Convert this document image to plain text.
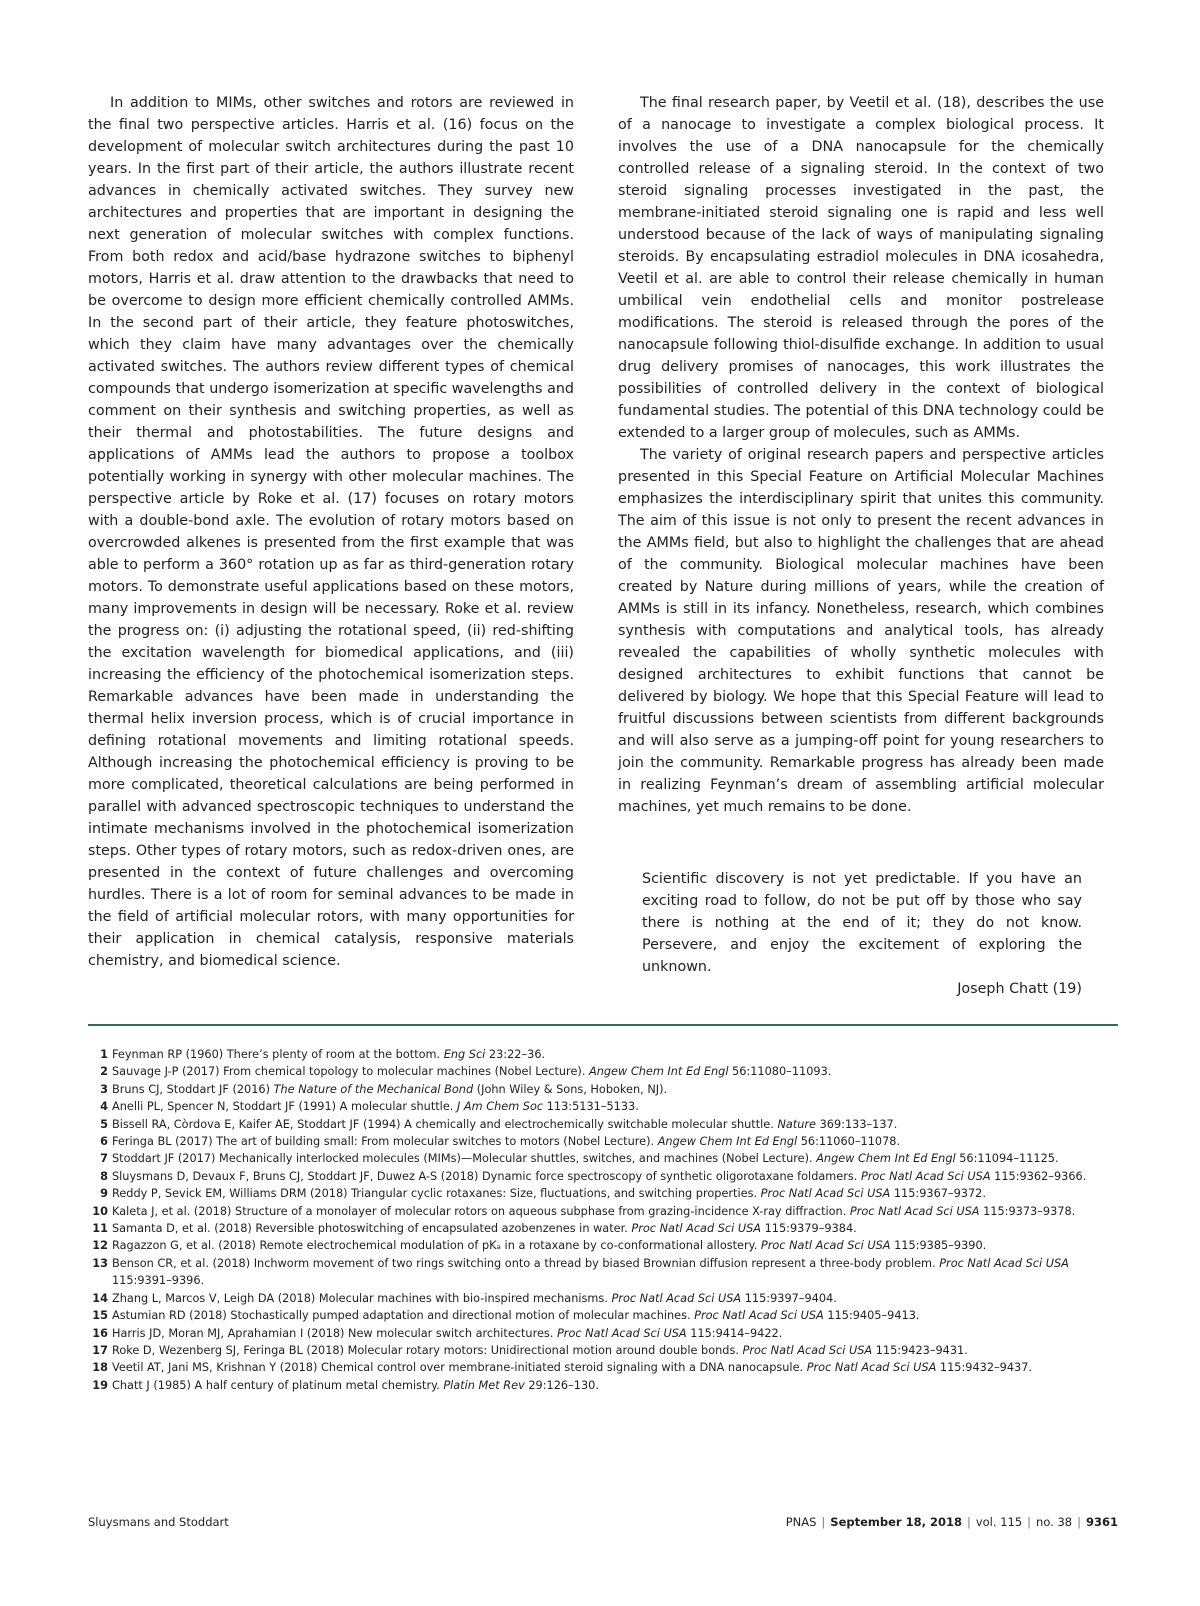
In addition to MIMs, other switches and rotors are reviewed in the final two perspective articles. Harris et al. (16) focus on the development of molecular switch architectures during the past 10 years. In the first part of their article, the authors illustrate recent advances in chemically activated switches. They survey new architectures and properties that are important in designing the next generation of molecular switches with complex functions. From both redox and acid/base hydrazone switches to biphenyl motors, Harris et al. draw attention to the drawbacks that need to be overcome to design more efficient chemically controlled AMMs. In the second part of their article, they feature photoswitches, which they claim have many advantages over the chemically activated switches. The authors review different types of chemical compounds that undergo isomerization at specific wavelengths and comment on their synthesis and switching properties, as well as their thermal and photostabilities. The future designs and applications of AMMs lead the authors to propose a toolbox potentially working in synergy with other molecular machines. The perspective article by Roke et al. (17) focuses on rotary motors with a double-bond axle. The evolution of rotary motors based on overcrowded alkenes is presented from the first example that was able to perform a 360° rotation up as far as third-generation rotary motors. To demonstrate useful applications based on these motors, many improvements in design will be necessary. Roke et al. review the progress on: (i) adjusting the rotational speed, (ii) red-shifting the excitation wavelength for biomedical applications, and (iii) increasing the efficiency of the photochemical isomerization steps. Remarkable advances have been made in understanding the thermal helix inversion process, which is of crucial importance in defining rotational movements and limiting rotational speeds. Although increasing the photochemical efficiency is proving to be more complicated, theoretical calculations are being performed in parallel with advanced spectroscopic techniques to understand the intimate mechanisms involved in the photochemical isomerization steps. Other types of rotary motors, such as redox-driven ones, are presented in the context of future challenges and overcoming hurdles. There is a lot of room for seminal advances to be made in the field of artificial molecular rotors, with many opportunities for their application in chemical catalysis, responsive materials chemistry, and biomedical science.

The final research paper, by Veetil et al. (18), describes the use of a nanocage to investigate a complex biological process. It involves the use of a DNA nanocapsule for the chemically controlled release of a signaling steroid. In the context of two steroid signaling processes investigated in the past, the membrane-initiated steroid signaling one is rapid and less well understood because of the lack of ways of manipulating signaling steroids. By encapsulating estradiol molecules in DNA icosahedra, Veetil et al. are able to control their release chemically in human umbilical vein endothelial cells and monitor postrelease modifications. The steroid is released through the pores of the nanocapsule following thiol-disulfide exchange. In addition to usual drug delivery promises of nanocages, this work illustrates the possibilities of controlled delivery in the context of biological fundamental studies. The potential of this DNA technology could be extended to a larger group of molecules, such as AMMs.

The variety of original research papers and perspective articles presented in this Special Feature on Artificial Molecular Machines emphasizes the interdisciplinary spirit that unites this community. The aim of this issue is not only to present the recent advances in the AMMs field, but also to highlight the challenges that are ahead of the community. Biological molecular machines have been created by Nature during millions of years, while the creation of AMMs is still in its infancy. Nonetheless, research, which combines synthesis with computations and analytical tools, has already revealed the capabilities of wholly synthetic molecules with designed architectures to exhibit functions that cannot be delivered by biology. We hope that this Special Feature will lead to fruitful discussions between scientists from different backgrounds and will also serve as a jumping-off point for young researchers to join the community. Remarkable progress has already been made in realizing Feynman’s dream of assembling artificial molecular machines, yet much remains to be done.

Scientific discovery is not yet predictable. If you have an exciting road to follow, do not be put off by those who say there is nothing at the end of it; they do not know. Persevere, and enjoy the excitement of exploring the unknown.
Joseph Chatt (19)
1 Feynman RP (1960) There’s plenty of room at the bottom. Eng Sci 23:22–36.
2 Sauvage J-P (2017) From chemical topology to molecular machines (Nobel Lecture). Angew Chem Int Ed Engl 56:11080–11093.
3 Bruns CJ, Stoddart JF (2016) The Nature of the Mechanical Bond (John Wiley & Sons, Hoboken, NJ).
4 Anelli PL, Spencer N, Stoddart JF (1991) A molecular shuttle. J Am Chem Soc 113:5131–5133.
5 Bissell RA, Còrdova E, Kaifer AE, Stoddart JF (1994) A chemically and electrochemically switchable molecular shuttle. Nature 369:133–137.
6 Feringa BL (2017) The art of building small: From molecular switches to motors (Nobel Lecture). Angew Chem Int Ed Engl 56:11060–11078.
7 Stoddart JF (2017) Mechanically interlocked molecules (MIMs)—Molecular shuttles, switches, and machines (Nobel Lecture). Angew Chem Int Ed Engl 56:11094–11125.
8 Sluysmans D, Devaux F, Bruns CJ, Stoddart JF, Duwez A-S (2018) Dynamic force spectroscopy of synthetic oligorotaxane foldamers. Proc Natl Acad Sci USA 115:9362–9366.
9 Reddy P, Sevick EM, Williams DRM (2018) Triangular cyclic rotaxanes: Size, fluctuations, and switching properties. Proc Natl Acad Sci USA 115:9367–9372.
10 Kaleta J, et al. (2018) Structure of a monolayer of molecular rotors on aqueous subphase from grazing-incidence X-ray diffraction. Proc Natl Acad Sci USA 115:9373–9378.
11 Samanta D, et al. (2018) Reversible photoswitching of encapsulated azobenzenes in water. Proc Natl Acad Sci USA 115:9379–9384.
12 Ragazzon G, et al. (2018) Remote electrochemical modulation of pKₐ in a rotaxane by co-conformational allostery. Proc Natl Acad Sci USA 115:9385–9390.
13 Benson CR, et al. (2018) Inchworm movement of two rings switching onto a thread by biased Brownian diffusion represent a three-body problem. Proc Natl Acad Sci USA 115:9391–9396.
14 Zhang L, Marcos V, Leigh DA (2018) Molecular machines with bio-inspired mechanisms. Proc Natl Acad Sci USA 115:9397–9404.
15 Astumian RD (2018) Stochastically pumped adaptation and directional motion of molecular machines. Proc Natl Acad Sci USA 115:9405–9413.
16 Harris JD, Moran MJ, Aprahamian I (2018) New molecular switch architectures. Proc Natl Acad Sci USA 115:9414–9422.
17 Roke D, Wezenberg SJ, Feringa BL (2018) Molecular rotary motors: Unidirectional motion around double bonds. Proc Natl Acad Sci USA 115:9423–9431.
18 Veetil AT, Jani MS, Krishnan Y (2018) Chemical control over membrane-initiated steroid signaling with a DNA nanocapsule. Proc Natl Acad Sci USA 115:9432–9437.
19 Chatt J (1985) A half century of platinum metal chemistry. Platin Met Rev 29:126–130.
Sluysmans and Stoddart	PNAS | September 18, 2018 | vol. 115 | no. 38 | 9361
